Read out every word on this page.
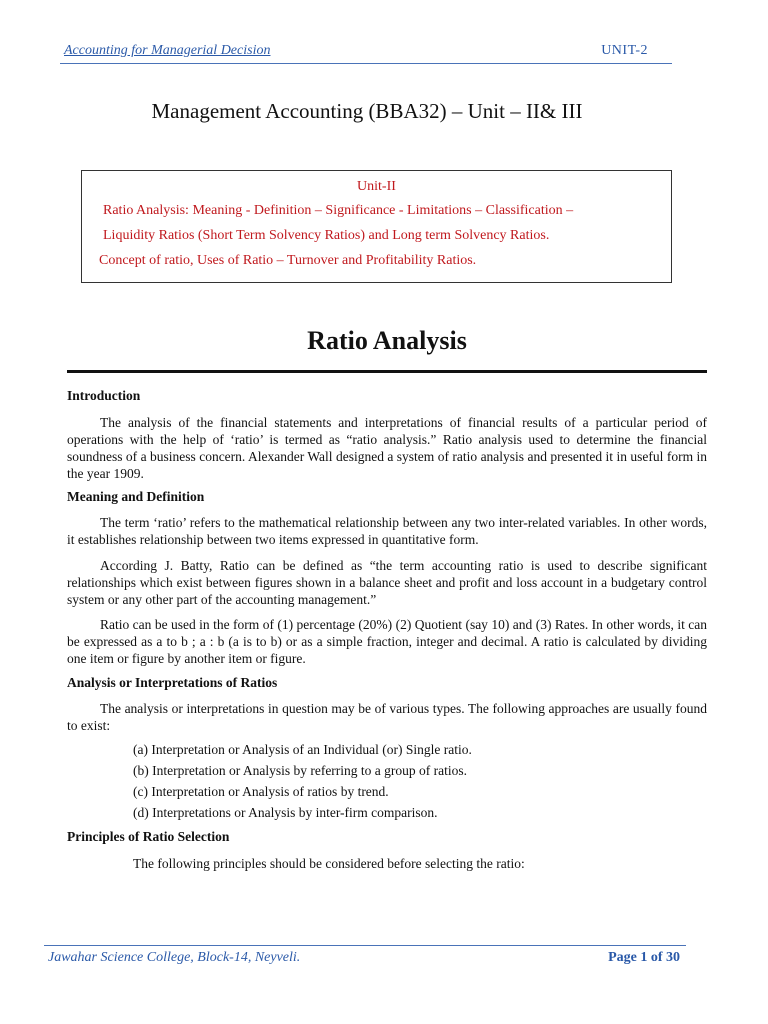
Accounting for Managerial Decision	UNIT-2
Management Accounting (BBA32) – Unit – II& III
Unit-II
Ratio Analysis: Meaning - Definition – Significance - Limitations – Classification –
Liquidity Ratios (Short Term Solvency Ratios) and Long term Solvency Ratios.
Concept of ratio, Uses of Ratio – Turnover and Profitability Ratios.
Ratio Analysis
Introduction

The analysis of the financial statements and interpretations of financial results of a particular period of operations with the help of ‘ratio’ is termed as “ratio analysis.” Ratio analysis used to determine the financial soundness of a business concern. Alexander Wall designed a system of ratio analysis and presented it in useful form in the year 1909.

Meaning and Definition

The term ‘ratio’ refers to the mathematical relationship between any two inter-related variables. In other words, it establishes relationship between two items expressed in quantitative form.

According J. Batty, Ratio can be defined as “the term accounting ratio is used to describe significant relationships which exist between figures shown in a balance sheet and profit and loss account in a budgetary control system or any other part of the accounting management.”

Ratio can be used in the form of (1) percentage (20%) (2) Quotient (say 10) and (3) Rates. In other words, it can be expressed as a to b ; a : b (a is to b) or as a simple fraction, integer and decimal. A ratio is calculated by dividing one item or figure by another item or figure.

Analysis or Interpretations of Ratios

The analysis or interpretations in question may be of various types. The following approaches are usually found to exist:

(a) Interpretation or Analysis of an Individual (or) Single ratio.
(b) Interpretation or Analysis by referring to a group of ratios.
(c) Interpretation or Analysis of ratios by trend.
(d) Interpretations or Analysis by inter-firm comparison.
Principles of Ratio Selection
The following principles should be considered before selecting the ratio:
Jawahar Science College, Block-14, Neyveli.	Page 1 of 30
